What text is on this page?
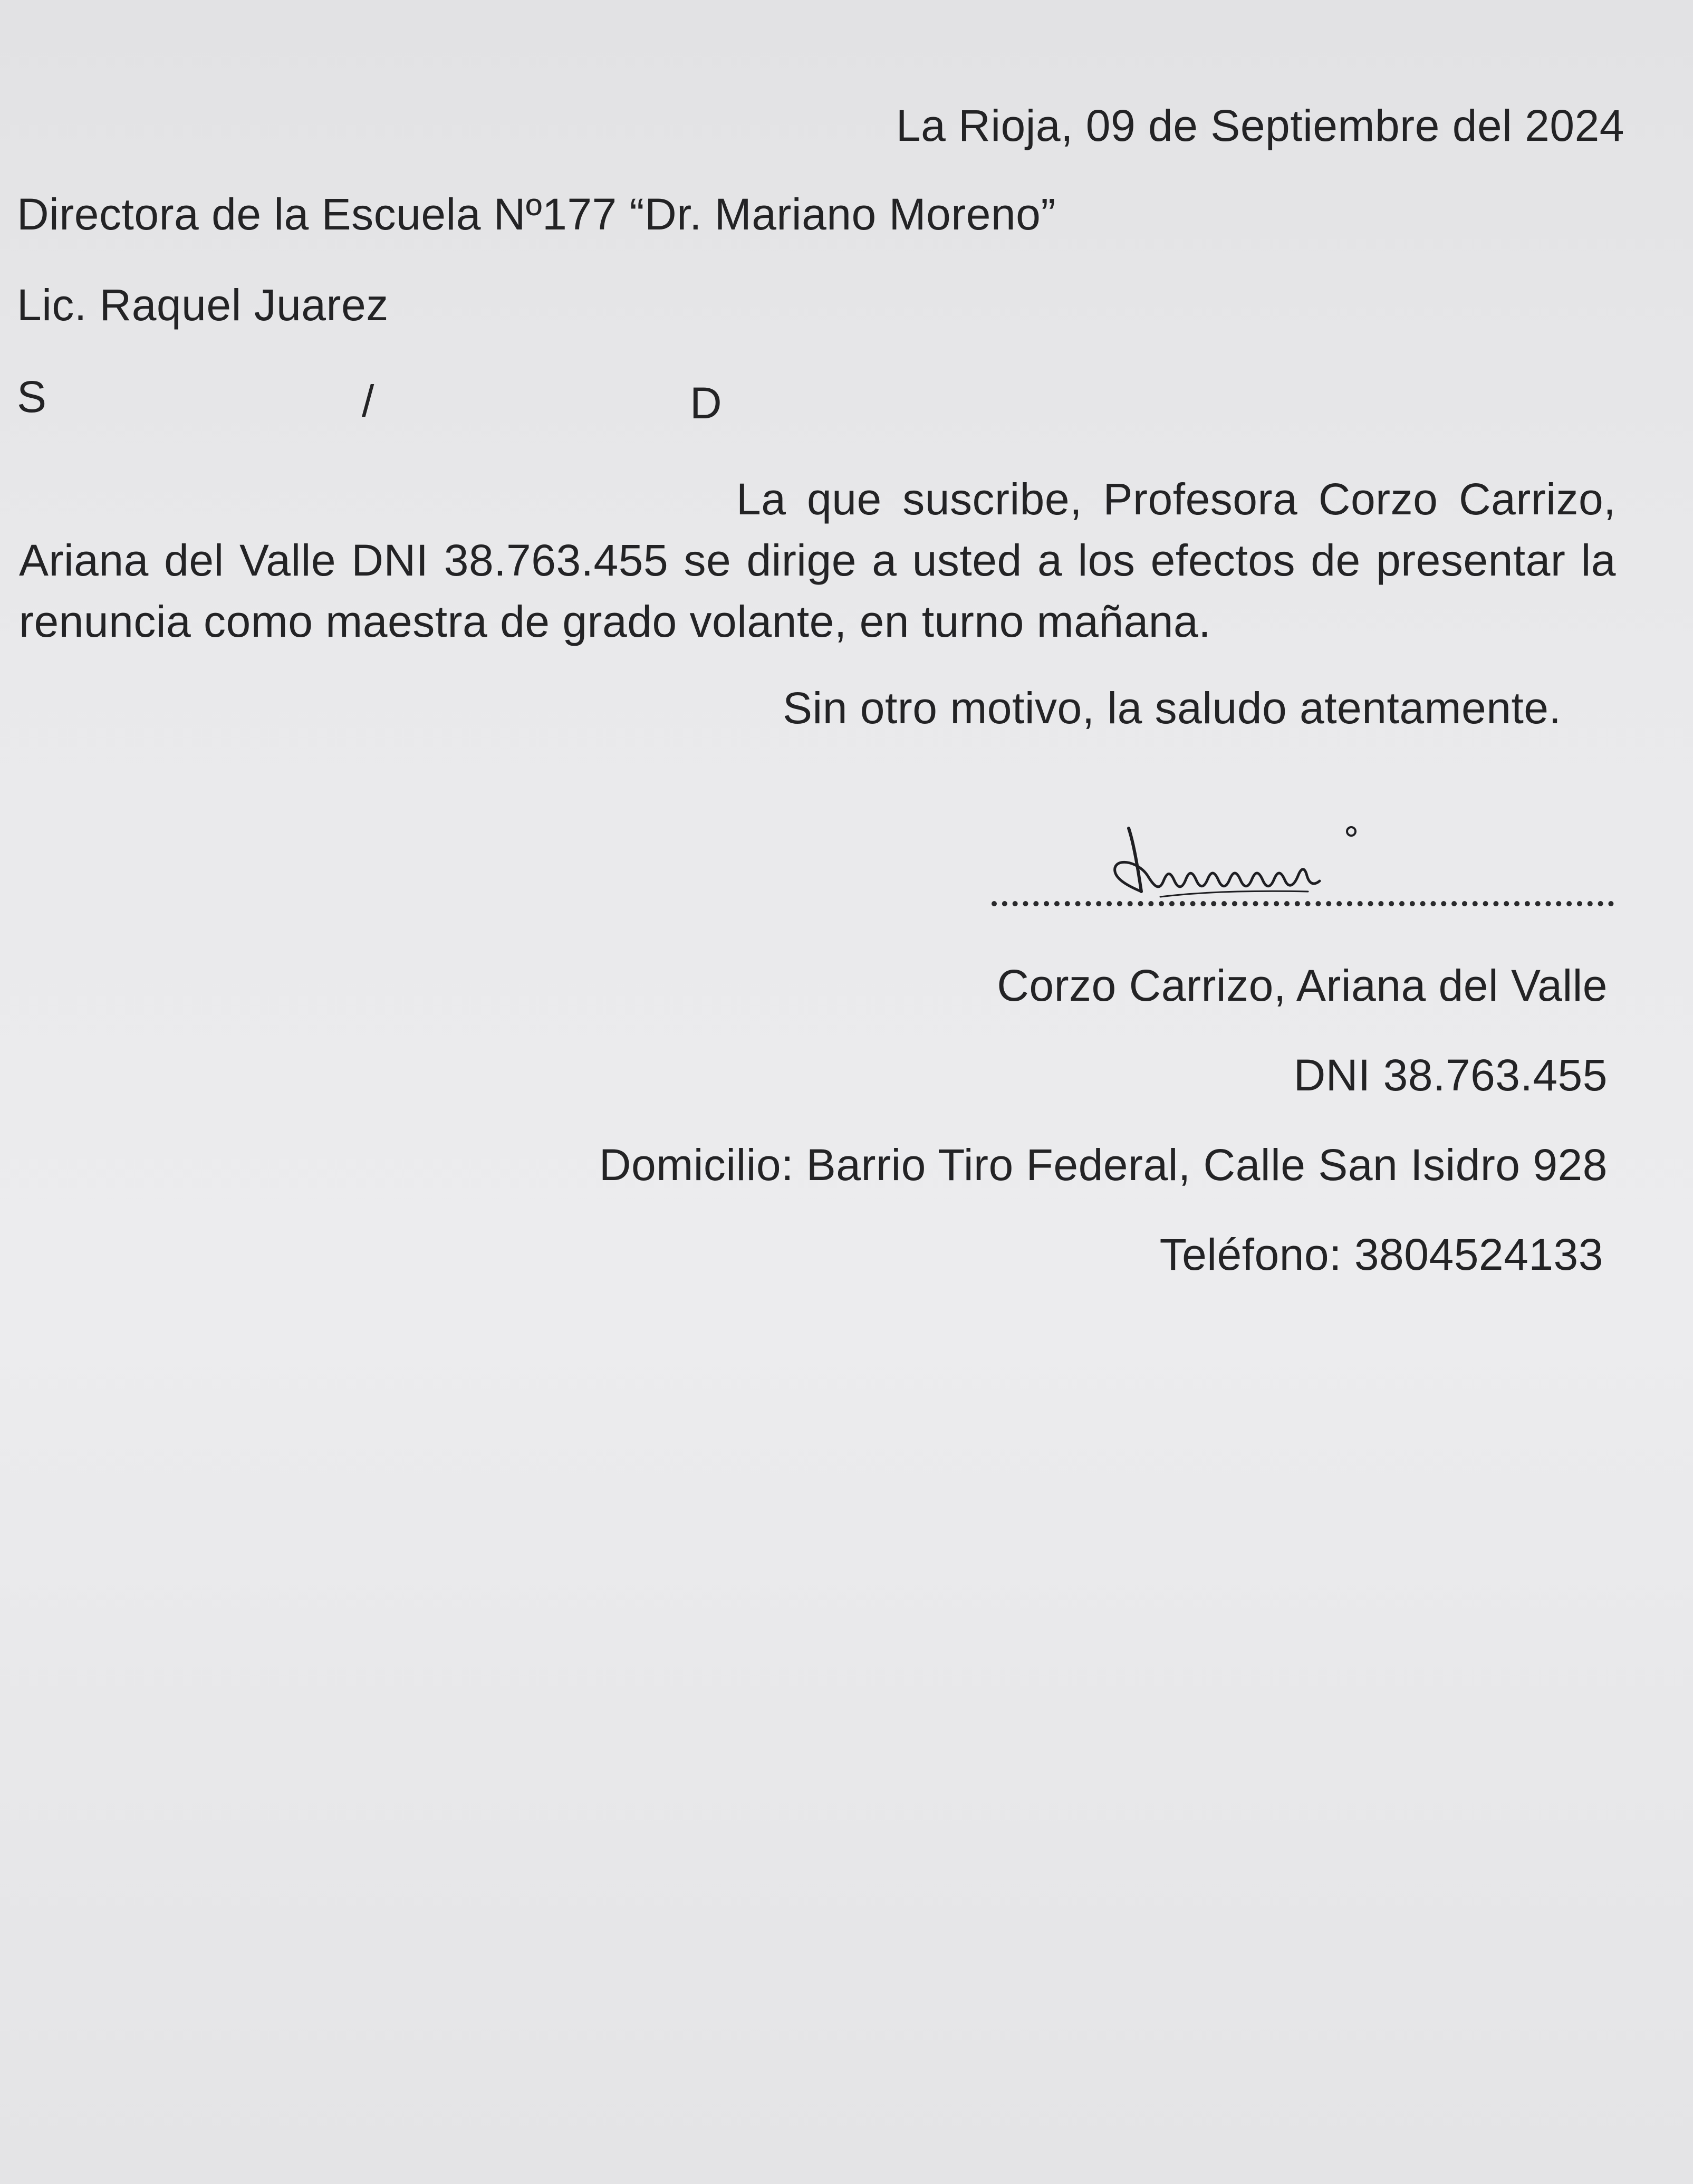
La Rioja, 09 de Septiembre del 2024
Directora de la Escuela Nº177 “Dr. Mariano Moreno”
Lic. Raquel Juarez
S	/	D
La que suscribe, Profesora Corzo Carrizo, Ariana del Valle DNI 38.763.455 se dirige a usted a los efectos de presentar la renuncia como maestra de grado volante, en turno mañana.
Sin otro motivo, la saludo atentamente.
Corzo Carrizo, Ariana del Valle
DNI 38.763.455
Domicilio: Barrio Tiro Federal, Calle San Isidro 928
Teléfono: 3804524133
